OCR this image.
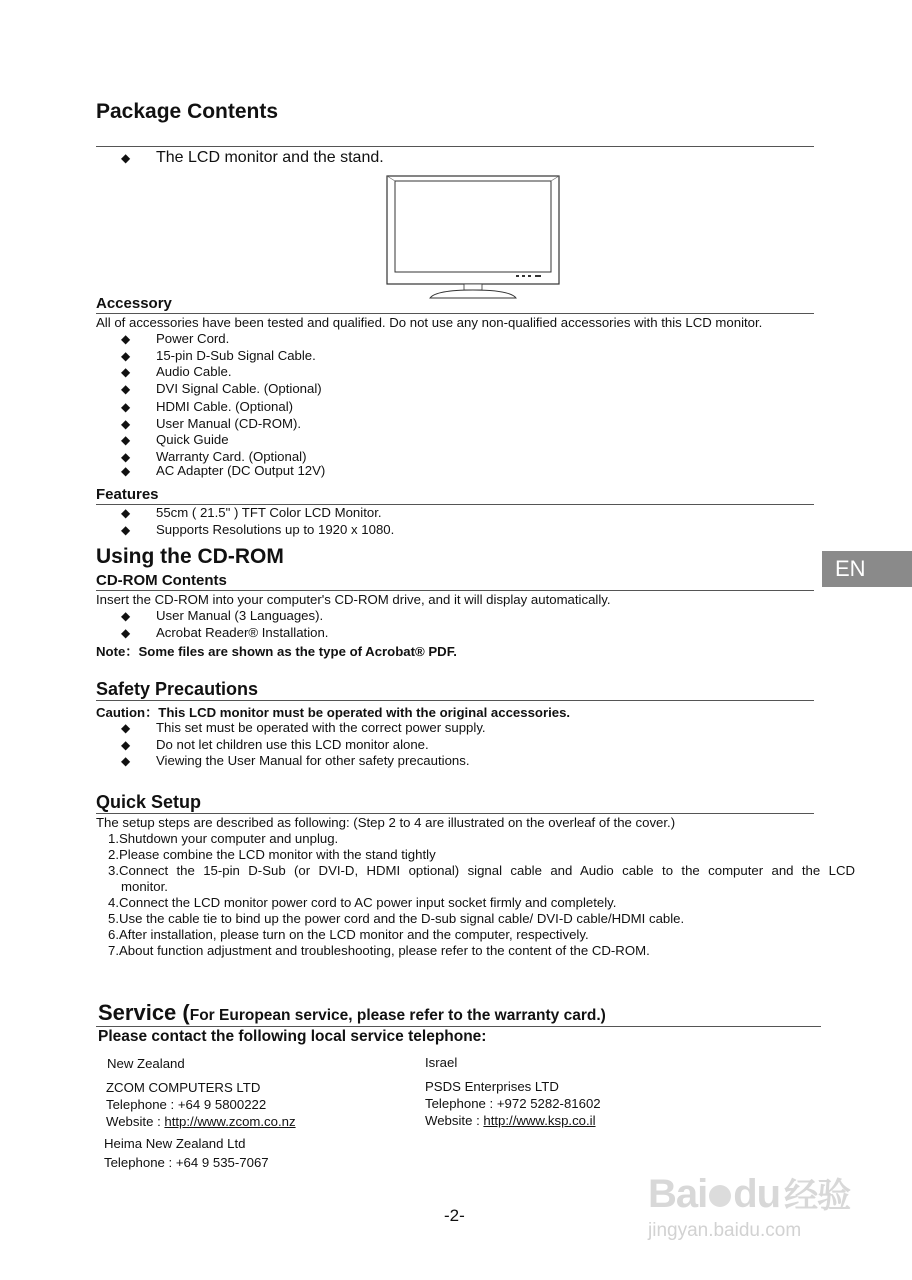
Package Contents
◆ The LCD monitor and the stand.
Accessory
All of accessories have been tested and qualified. Do not use any non-qualified accessories with this LCD monitor.
◆ Power Cord.
◆ 15-pin D-Sub Signal Cable.
◆ Audio Cable.
◆ DVI Signal Cable. (Optional)
◆ HDMI Cable. (Optional)
◆ User Manual (CD-ROM).
◆ Quick Guide
◆ Warranty Card. (Optional)
◆ AC Adapter (DC Output 12V)
Features
◆ 55cm ( 21.5" ) TFT Color LCD Monitor.
◆ Supports Resolutions up to 1920 x 1080.
Using the CD-ROM
CD-ROM Contents
Insert the CD-ROM into your computer's CD-ROM drive, and it will display automatically.
◆ User Manual (3 Languages).
◆ Acrobat Reader® Installation.
Note：Some files are shown as the type of Acrobat® PDF.
EN
Safety Precautions
Caution：This LCD monitor must be operated with the original accessories.
◆ This set must be operated with the correct power supply.
◆ Do not let children use this LCD monitor alone.
◆ Viewing the User Manual for other safety precautions.
Quick Setup
The setup steps are described as following: (Step 2 to 4 are illustrated on the overleaf of the cover.)
1.Shutdown your computer and unplug.
2.Please combine the LCD monitor with the stand tightly
3.Connect the 15-pin D-Sub (or DVI-D, HDMI optional) signal cable and Audio cable to the computer and the LCD
monitor.
4.Connect the LCD monitor power cord to AC power input socket firmly and completely.
5.Use the cable tie to bind up the power cord and the D-sub signal cable/ DVI-D cable/HDMI cable.
6.After installation, please turn on the LCD monitor and the computer, respectively.
7.About function adjustment and troubleshooting, please refer to the content of the CD-ROM.
Service (For European service, please refer to the warranty card.)
Please contact the following local service telephone:
New Zealand
ZCOM COMPUTERS LTD
Telephone : +64 9 5800222
Website : http://www.zcom.co.nz
Heima New Zealand Ltd
Telephone : +64 9 535-7067
Israel
PSDS Enterprises LTD
Telephone : +972 5282-81602
Website : http://www.ksp.co.il
-2-	Bai du 经验
jingyan.baidu.com
